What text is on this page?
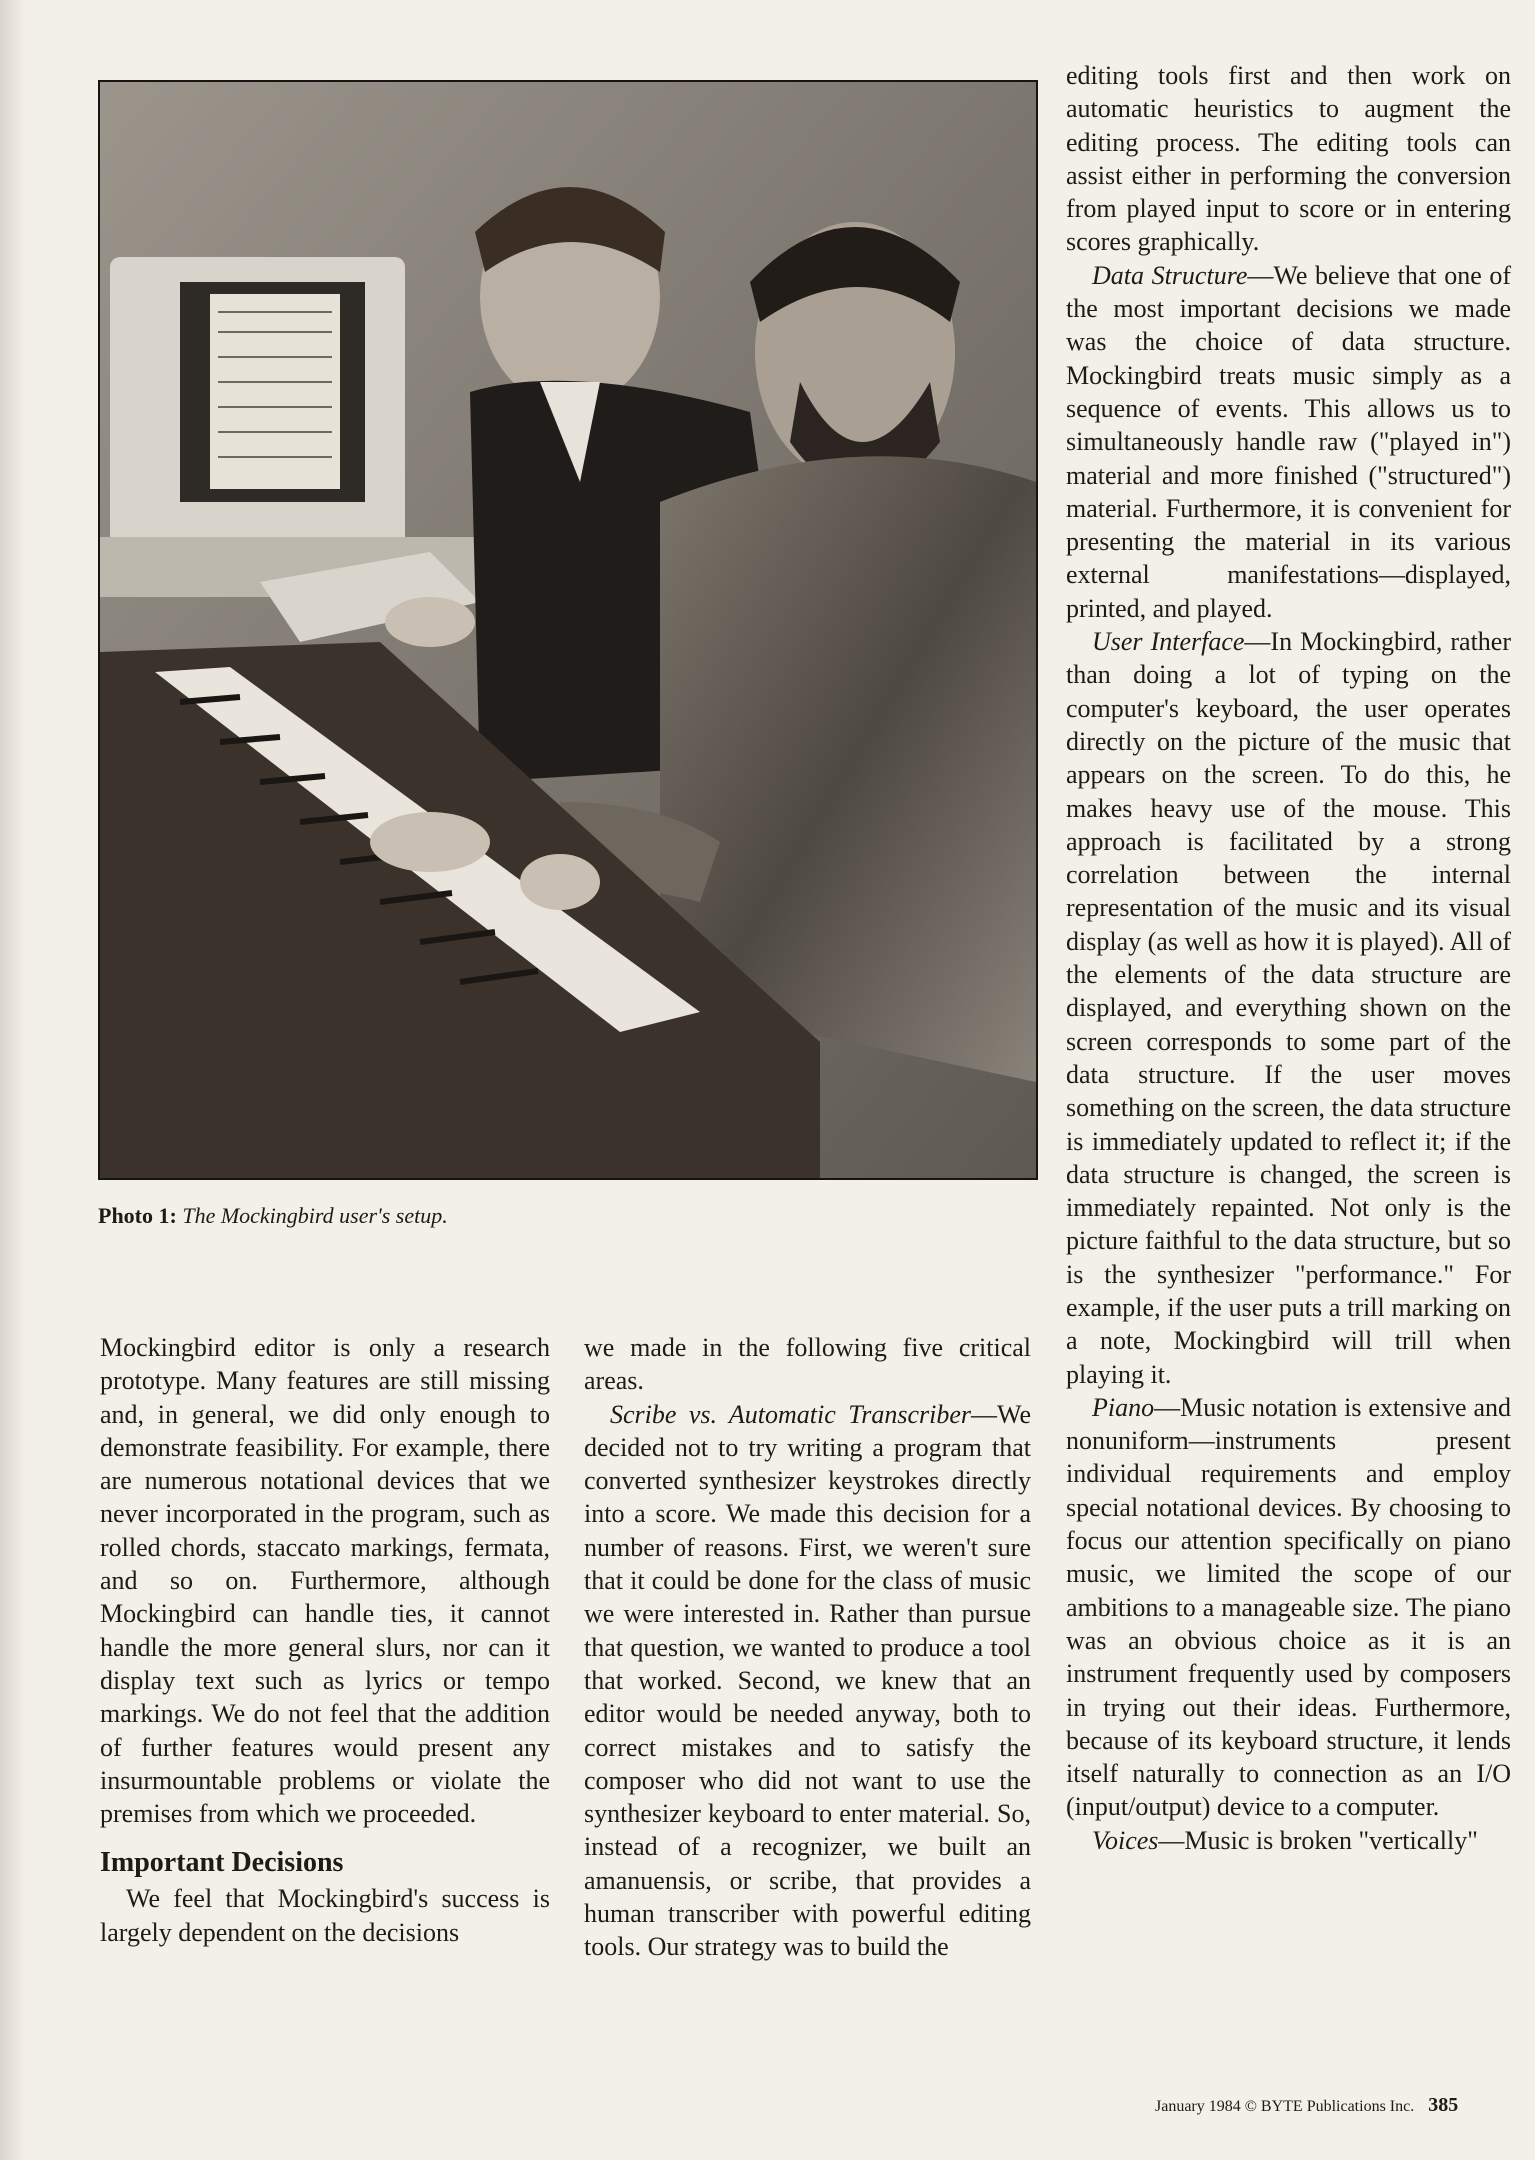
Photo 1: The Mockingbird user's setup.

Mockingbird editor is only a research prototype. Many features are still missing and, in general, we did only enough to demonstrate feasibility. For example, there are numerous notational devices that we never incorporated in the program, such as rolled chords, staccato markings, fermata, and so on. Furthermore, although Mockingbird can handle ties, it cannot handle the more general slurs, nor can it display text such as lyrics or tempo markings. We do not feel that the addition of further features would present any insurmountable problems or violate the premises from which we proceeded.

Important Decisions

We feel that Mockingbird's success is largely dependent on the decisions

we made in the following five critical areas.

Scribe vs. Automatic Transcriber—We decided not to try writing a program that converted synthesizer keystrokes directly into a score. We made this decision for a number of reasons. First, we weren't sure that it could be done for the class of music we were interested in. Rather than pursue that question, we wanted to produce a tool that worked. Second, we knew that an editor would be needed anyway, both to correct mistakes and to satisfy the composer who did not want to use the synthesizer keyboard to enter material. So, instead of a recognizer, we built an amanuensis, or scribe, that provides a human transcriber with powerful editing tools. Our strategy was to build the

editing tools first and then work on automatic heuristics to augment the editing process. The editing tools can assist either in performing the conversion from played input to score or in entering scores graphically.

Data Structure—We believe that one of the most important decisions we made was the choice of data structure. Mockingbird treats music simply as a sequence of events. This allows us to simultaneously handle raw ("played in") material and more finished ("structured") material. Furthermore, it is convenient for presenting the material in its various external manifestations—displayed, printed, and played.

User Interface—In Mockingbird, rather than doing a lot of typing on the computer's keyboard, the user operates directly on the picture of the music that appears on the screen. To do this, he makes heavy use of the mouse. This approach is facilitated by a strong correlation between the internal representation of the music and its visual display (as well as how it is played). All of the elements of the data structure are displayed, and everything shown on the screen corresponds to some part of the data structure. If the user moves something on the screen, the data structure is immediately updated to reflect it; if the data structure is changed, the screen is immediately repainted. Not only is the picture faithful to the data structure, but so is the synthesizer "performance." For example, if the user puts a trill marking on a note, Mockingbird will trill when playing it.

Piano—Music notation is extensive and nonuniform—instruments present individual requirements and employ special notational devices. By choosing to focus our attention specifically on piano music, we limited the scope of our ambitions to a manageable size. The piano was an obvious choice as it is an instrument frequently used by composers in trying out their ideas. Furthermore, because of its keyboard structure, it lends itself naturally to connection as an I/O (input/output) device to a computer.

Voices—Music is broken "vertically"

January 1984 © BYTE Publications Inc. 385
